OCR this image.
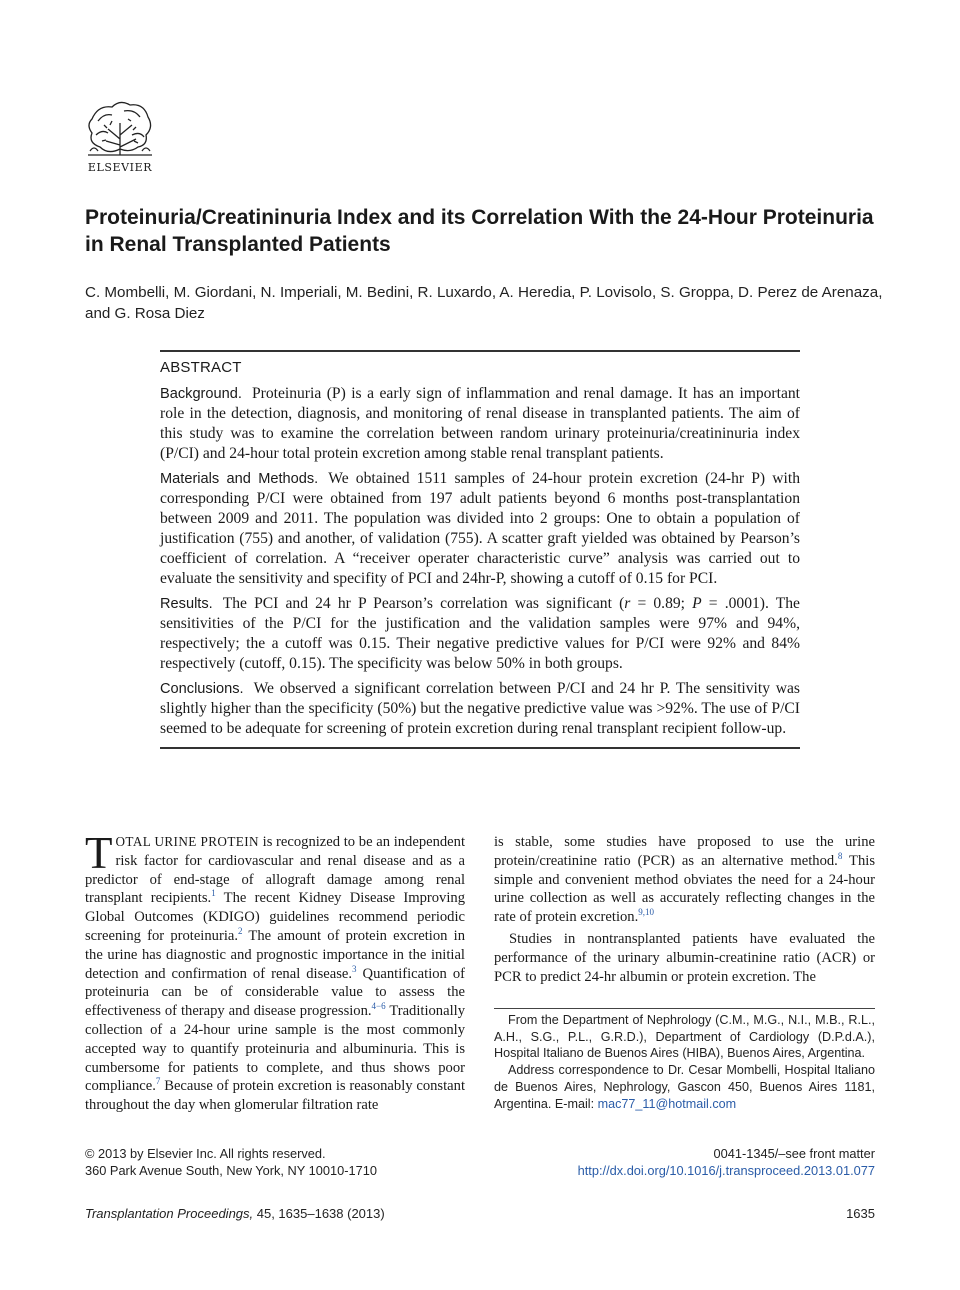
ELSEVIER
Proteinuria/Creatininuria Index and its Correlation With the 24-Hour Proteinuria in Renal Transplanted Patients

C. Mombelli, M. Giordani, N. Imperiali, M. Bedini, R. Luxardo, A. Heredia, P. Lovisolo, S. Groppa, D. Perez de Arenaza, and G. Rosa Diez

ABSTRACT

Background. Proteinuria (P) is a early sign of inflammation and renal damage. It has an important role in the detection, diagnosis, and monitoring of renal disease in transplanted patients. The aim of this study was to examine the correlation between random urinary proteinuria/creatininuria index (P/CI) and 24-hour total protein excretion among stable renal transplant patients.

Materials and Methods. We obtained 1511 samples of 24-hour protein excretion (24-hr P) with corresponding P/CI were obtained from 197 adult patients beyond 6 months post-transplantation between 2009 and 2011. The population was divided into 2 groups: One to obtain a population of justification (755) and another, of validation (755). A scatter graft yielded was obtained by Pearson’s coefficient of correlation. A “receiver operater characteristic curve” analysis was carried out to evaluate the sensitivity and specifity of PCI and 24hr-P, showing a cutoff of 0.15 for PCI.

Results. The PCI and 24 hr P Pearson’s correlation was significant (r = 0.89; P = .0001). The sensitivities of the P/CI for the justification and the validation samples were 97% and 94%, respectively; the a cutoff was 0.15. Their negative predictive values for P/CI were 92% and 84% respectively (cutoff, 0.15). The specificity was below 50% in both groups.

Conclusions. We observed a significant correlation between P/CI and 24 hr P. The sensitivity was slightly higher than the specificity (50%) but the negative predictive value was >92%. The use of P/CI seemed to be adequate for screening of protein excretion during renal transplant recipient follow-up.

TOTAL URINE PROTEIN is recognized to be an independent risk factor for cardiovascular and renal disease and as a predictor of end-stage of allograft damage among renal transplant recipients.$^1$ The recent Kidney Disease Improving Global Outcomes (KDIGO) guidelines recommend periodic screening for proteinuria.$^2$ The amount of protein excretion in the urine has diagnostic and prognostic importance in the initial detection and confirmation of renal disease.$^3$ Quantification of proteinuria can be of considerable value to assess the effectiveness of therapy and disease progression.$^{4-6}$ Traditionally collection of a 24-hour urine sample is the most commonly accepted way to quantify proteinuria and albuminuria. This is cumbersome for patients to complete, and thus shows poor compliance.$^7$ Because of protein excretion is reasonably constant throughout the day when glomerular filtration rate

is stable, some studies have proposed to use the urine protein/creatinine ratio (PCR) as an alternative method.$^8$ This simple and convenient method obviates the need for a 24-hour urine collection as well as accurately reflecting changes in the rate of protein excretion.$^{9,10}$

Studies in nontransplanted patients have evaluated the performance of the urinary albumin-creatinine ratio (ACR) or PCR to predict 24-hr albumin or protein excretion. The

From the Department of Nephrology (C.M., M.G., N.I., M.B., R.L., A.H., S.G., P.L., G.R.D.), Department of Cardiology (D.P.d.A.), Hospital Italiano de Buenos Aires (HIBA), Buenos Aires, Argentina.

Address correspondence to Dr. Cesar Mombelli, Hospital Italiano de Buenos Aires, Nephrology, Gascon 450, Buenos Aires 1181, Argentina. E-mail: mac77_11@hotmail.com

© 2013 by Elsevier Inc. All rights reserved.
360 Park Avenue South, New York, NY 10010-1710
0041-1345/–see front matter
http://dx.doi.org/10.1016/j.transproceed.2013.01.077
Transplantation Proceedings, 45, 1635–1638 (2013)	1635
